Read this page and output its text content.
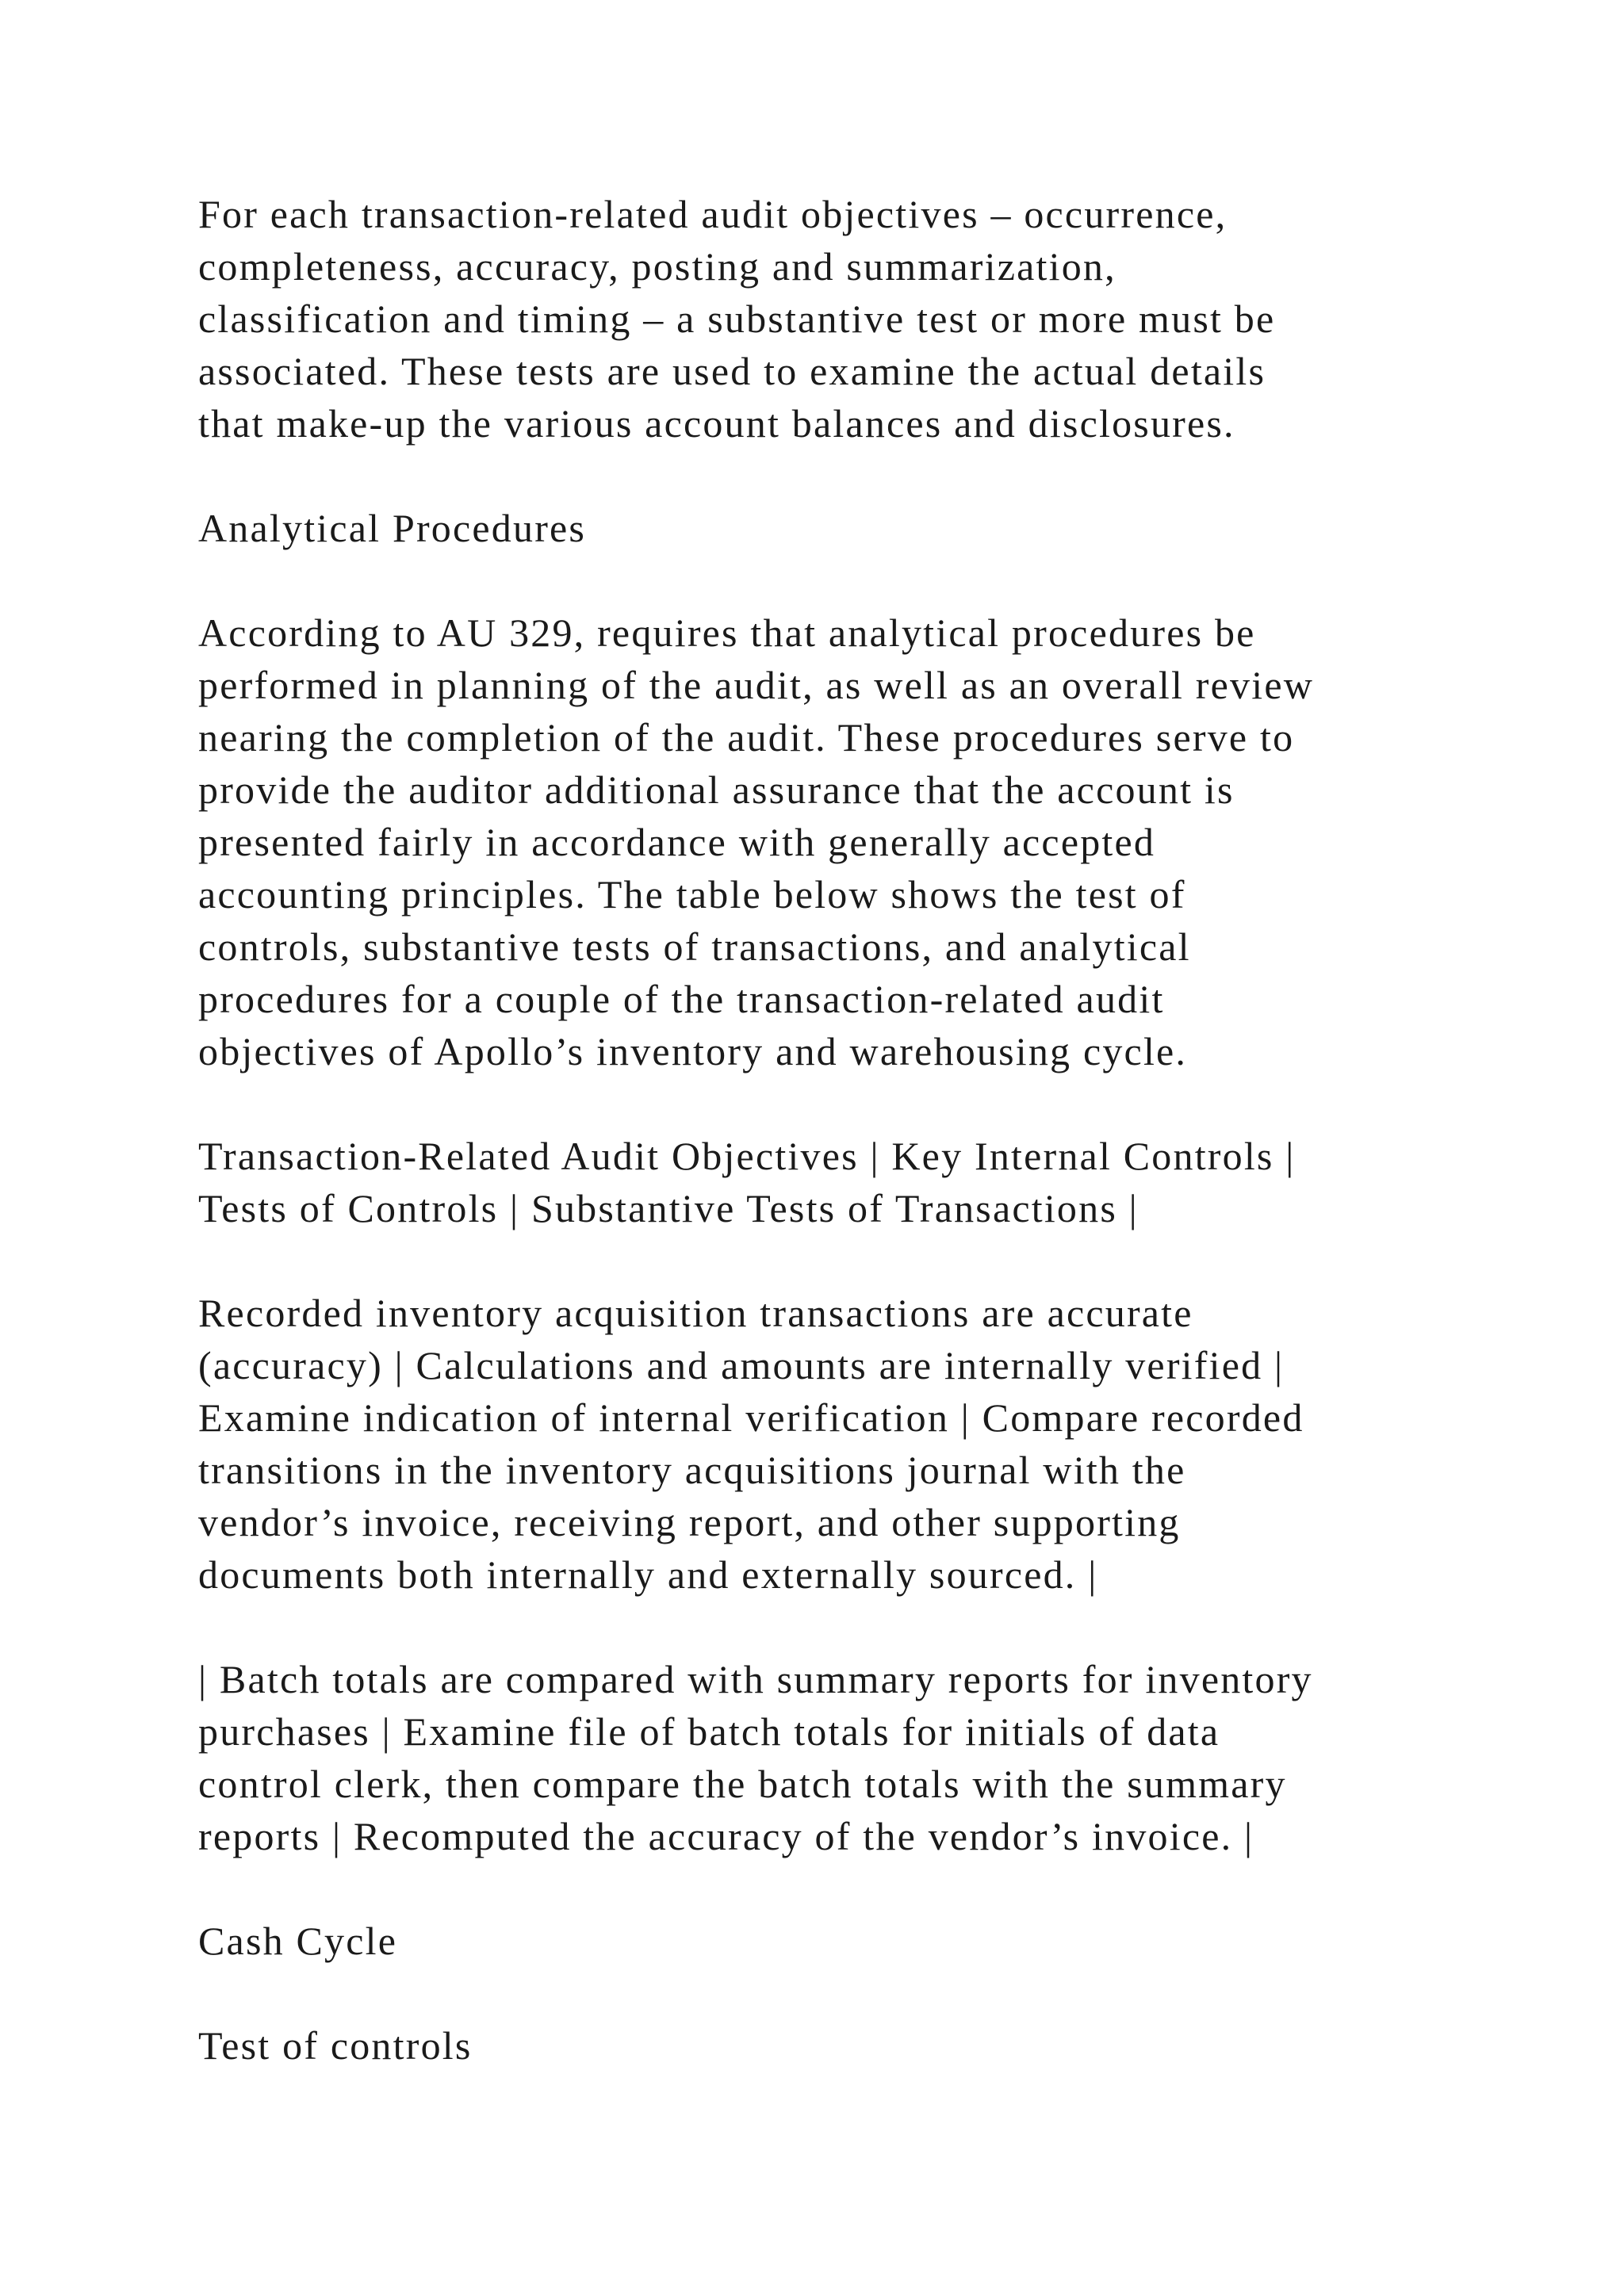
For each transaction-related audit objectives – occurrence,
completeness, accuracy, posting and summarization,
classification and timing – a substantive test or more must be
associated. These tests are used to examine the actual details
that make-up the various account balances and disclosures.
Analytical Procedures
According to AU 329, requires that analytical procedures be
performed in planning of the audit, as well as an overall review
nearing the completion of the audit. These procedures serve to
provide the auditor additional assurance that the account is
presented fairly in accordance with generally accepted
accounting principles. The table below shows the test of
controls, substantive tests of transactions, and analytical
procedures for a couple of the transaction-related audit
objectives of Apollo’s inventory and warehousing cycle.
Transaction-Related Audit Objectives | Key Internal Controls |
Tests of Controls | Substantive Tests of Transactions |
Recorded inventory acquisition transactions are accurate
(accuracy) | Calculations and amounts are internally verified |
Examine indication of internal verification | Compare recorded
transitions in the inventory acquisitions journal with the
vendor’s invoice, receiving report, and other supporting
documents both internally and externally sourced. |
| Batch totals are compared with summary reports for inventory
purchases | Examine file of batch totals for initials of data
control clerk, then compare the batch totals with the summary
reports | Recomputed the accuracy of the vendor’s invoice. |
Cash Cycle
Test of controls
